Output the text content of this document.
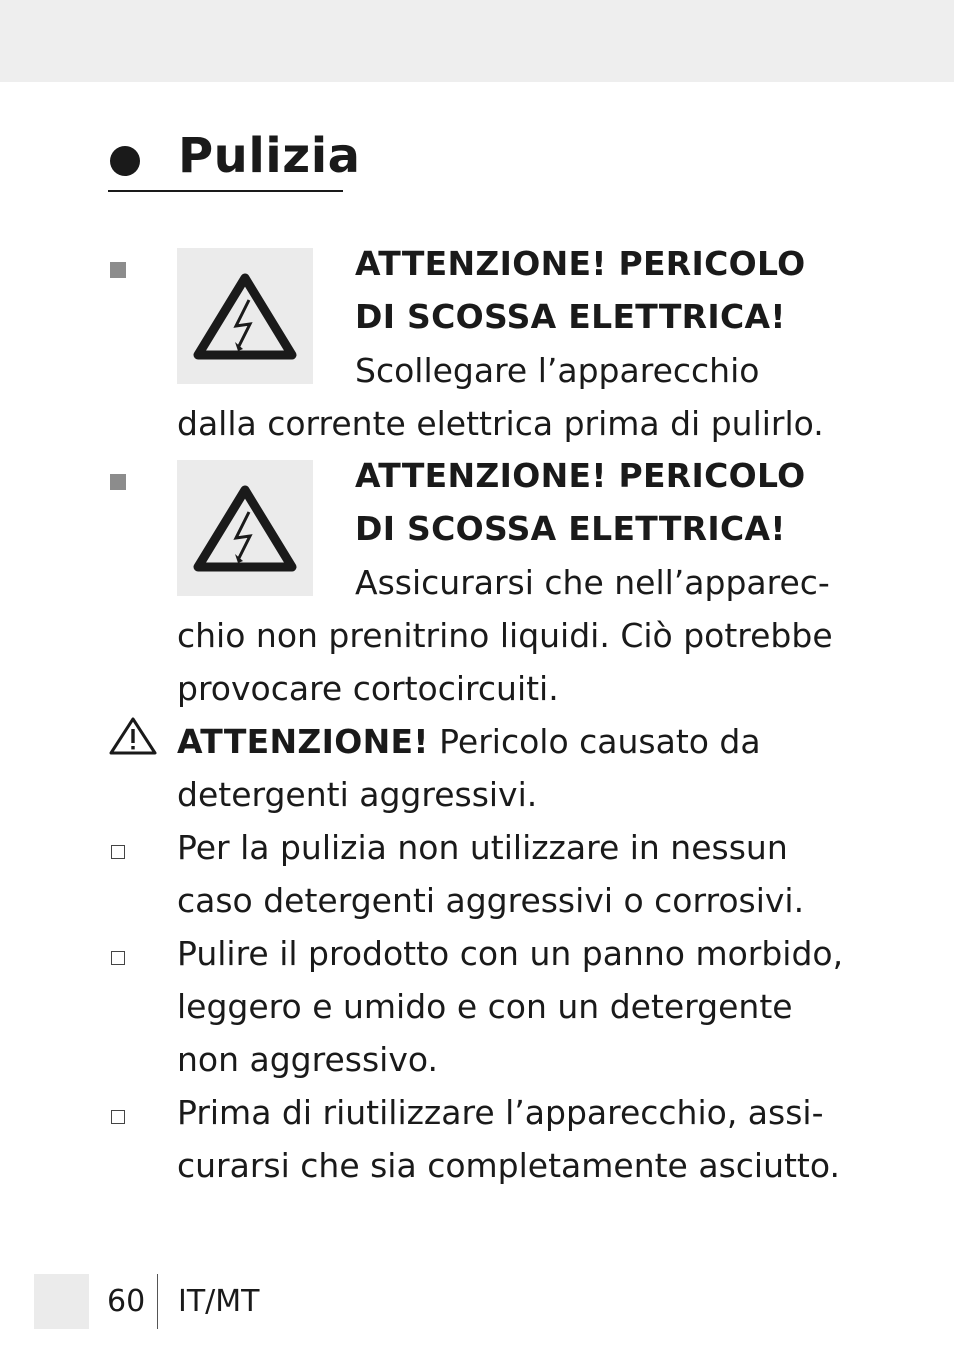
Pulizia
ATTENZIONE! PERICOLO
DI SCOSSA ELETTRICA!
Scollegare l’apparecchio
dalla corrente elettrica prima di pulirlo.
ATTENZIONE! PERICOLO
DI SCOSSA ELETTRICA!
Assicurarsi che nell’apparec-
chio non prenitrino liquidi. Ciò potrebbe
provocare cortocircuiti.
ATTENZIONE! Pericolo causato da
detergenti aggressivi.
Per la pulizia non utilizzare in nessun
caso detergenti aggressivi o corrosivi.
Pulire il prodotto con un panno morbido,
leggero e umido e con un detergente
non aggressivo.
Prima di riutilizzare l’apparecchio, assi-
curarsi che sia completamente asciutto.
60 IT/MT
